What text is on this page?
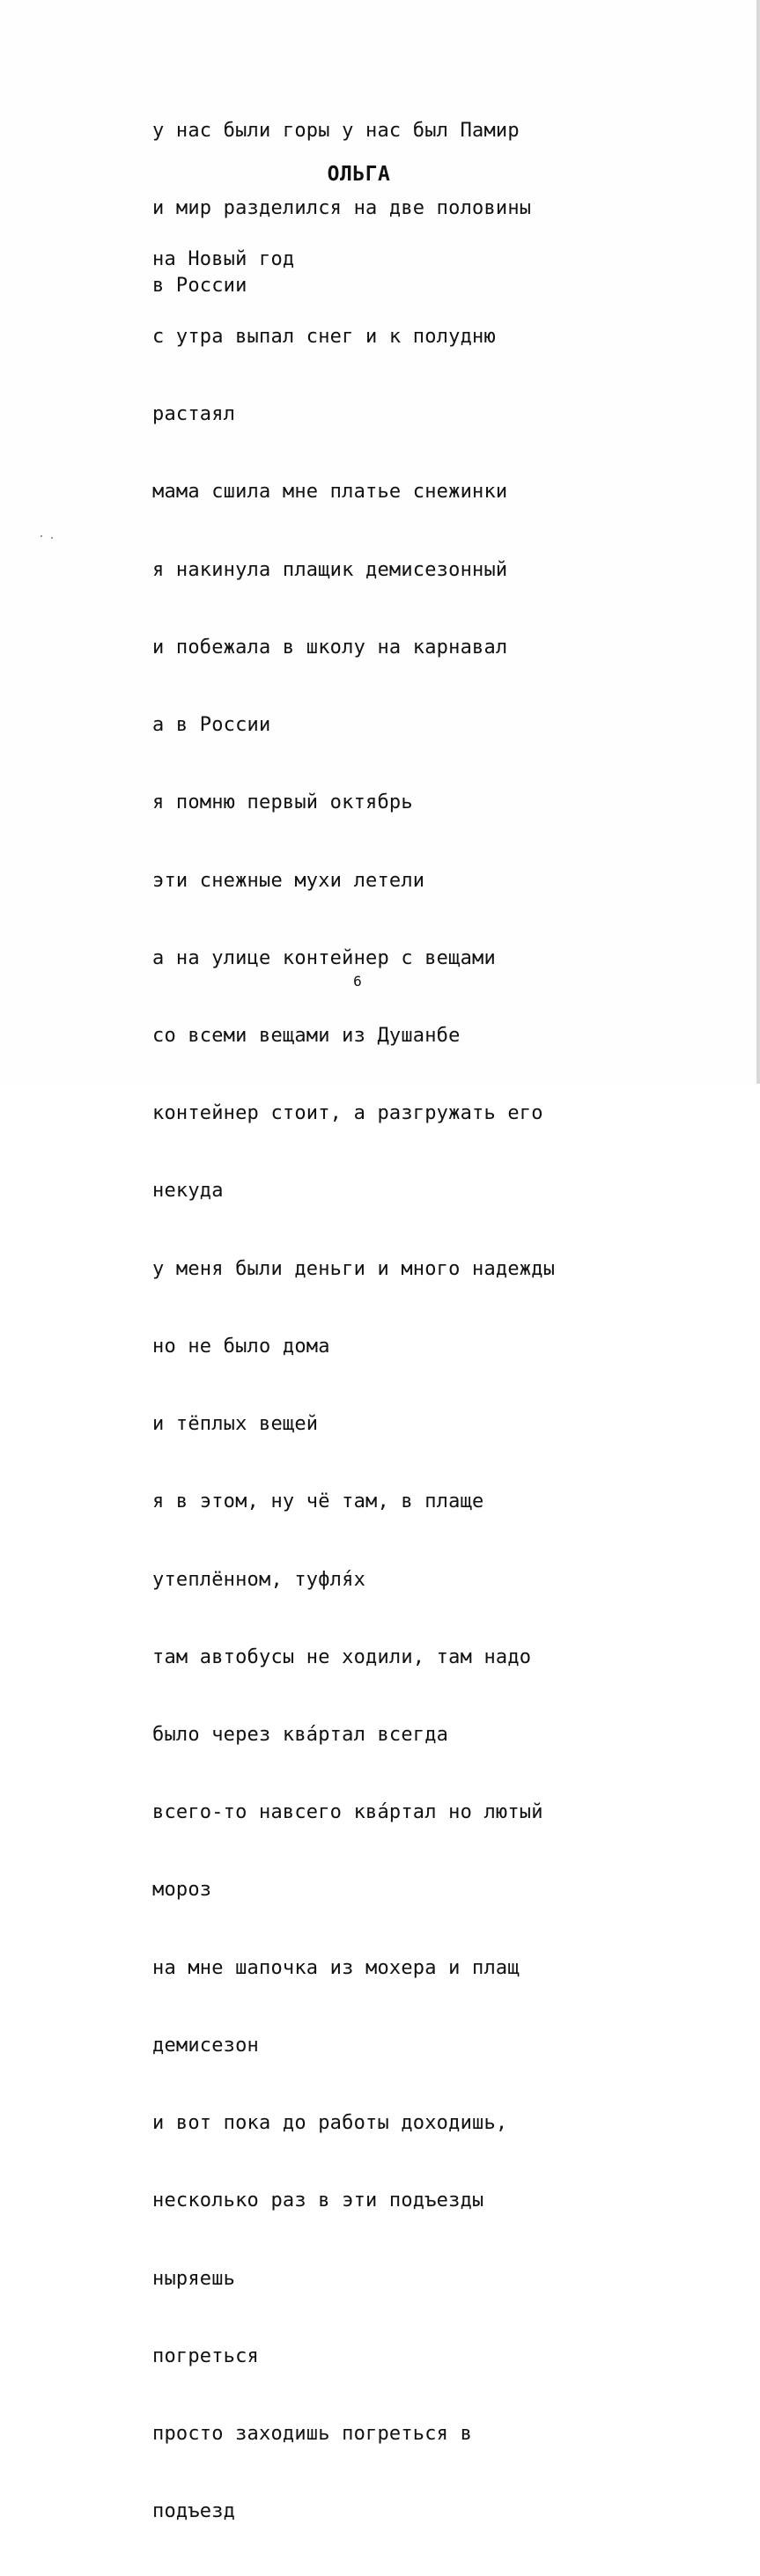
у нас были горы у нас был Памир

и мир разделился на две половины

в России

ОЛЬГА

на Новый год

с утра выпал снег и к полудню

растаял

мама сшила мне платье снежинки

я накинула плащик демисезонный

и побежала в школу на карнавал

а в России

я помню первый октябрь

эти снежные мухи летели

а на улице контейнер с вещами

со всеми вещами из Душанбе

контейнер стоит, а разгружать его

некуда

у меня были деньги и много надежды

но не было дома

и тёплых вещей

я в этом, ну чё там, в плаще

утеплённом, туфля́х

там автобусы не ходили, там надо

было через ква́ртал всегда

всего-то навсего ква́ртал но лютый

мороз

на мне шапочка из мохера и плащ

демисезон

и вот пока до работы доходишь,

несколько раз в эти подъезды

ныряешь

погреться

просто заходишь погреться в

подъезд

6
